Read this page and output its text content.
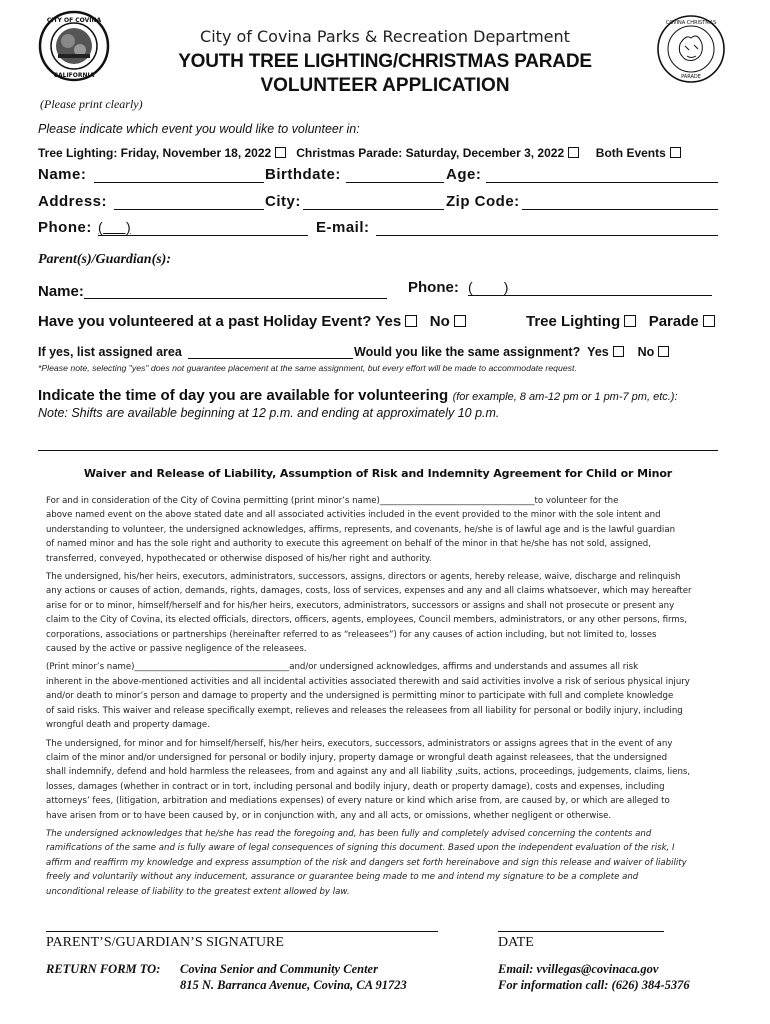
CITY OF COVINA
CALIFORNIA
COVINA CHRISTMAS
PARADE
City of Covina Parks & Recreation Department
YOUTH TREE LIGHTING/CHRISTMAS PARADE
VOLUNTEER APPLICATION
(Please print clearly)
Please indicate which event you would like to volunteer in:
Tree Lighting: Friday, November 18, 2022 Christmas Parade: Saturday, December 3, 2022	Both Events
Name:	Birthdate:	Age:
Address:	City:	Zip Code:
Phone: (      )	E-mail:
Parent(s)/Guardian(s):
Name:	Phone: (        )
Have you volunteered at a past Holiday Event? Yes No	Tree Lighting Parade
If yes, list assigned area	Would you like the same assignment? Yes No
*Please note, selecting "yes" does not guarantee placement at the same assignment, but every effort will be made to accommodate request.
Indicate the time of day you are available for volunteering (for example, 8 am-12 pm or 1 pm-7 pm, etc.):
Note: Shifts are available beginning at 12 p.m. and ending at approximately 10 p.m.
Waiver and Release of Liability, Assumption of Risk and Indemnity Agreement for Child or Minor

For and in consideration of the City of Covina permitting (print minor’s name)____________________________________to volunteer for the

above named event on the above stated date and all associated activities included in the event provided to the minor with the sole intent and

understanding to volunteer, the undersigned acknowledges, affirms, represents, and covenants, he/she is of lawful age and is the lawful guardian

of named minor and has the sole right and authority to execute this agreement on behalf of the minor in that he/she has not sold, assigned,

transferred, conveyed, hypothecated or otherwise disposed of his/her right and authority.

The undersigned, his/her heirs, executors, administrators, successors, assigns, directors or agents, hereby release, waive, discharge and relinquish

any actions or causes of action, demands, rights, damages, costs, loss of services, expenses and any and all claims whatsoever, which may hereafter

arise for or to minor, himself/herself and for his/her heirs, executors, administrators, successors or assigns and shall not prosecute or present any

claim to the City of Covina, its elected officials, directors, officers, agents, employees, Council members, administrators, or any other persons, firms,

corporations, associations or partnerships (hereinafter referred to as “releasees”) for any causes of action including, but not limited to, losses

caused by the active or passive negligence of the releasees.

(Print minor’s name)____________________________________and/or undersigned acknowledges, affirms and understands and assumes all risk

inherent in the above-mentioned activities and all incidental activities associated therewith and said activities involve a risk of serious physical injury

and/or death to minor’s person and damage to property and the undersigned is permitting minor to participate with full and complete knowledge

of said risks. This waiver and release specifically exempt, relieves and releases the releasees from all liability for personal or bodily injury, including

wrongful death and property damage.

The undersigned, for minor and for himself/herself, his/her heirs, executors, successors, administrators or assigns agrees that in the event of any

claim of the minor and/or undersigned for personal or bodily injury, property damage or wrongful death against releasees, that the undersigned

shall indemnify, defend and hold harmless the releasees, from and against any and all liability ,suits, actions, proceedings, judgements, claims, liens,

losses, damages (whether in contract or in tort, including personal and bodily injury, death or property damage), costs and expenses, including

attorneys’ fees, (litigation, arbitration and mediations expenses) of every nature or kind which arise from, are caused by, or which are alleged to

have arisen from or to have been caused by, or in conjunction with, any and all acts, or omissions, whether negligent or otherwise.

The undersigned acknowledges that he/she has read the foregoing and, has been fully and completely advised concerning the contents and

ramifications of the same and is fully aware of legal consequences of signing this document. Based upon the independent evaluation of the risk, I

affirm and reaffirm my knowledge and express assumption of the risk and dangers set forth hereinabove and sign this release and waiver of liability

freely and voluntarily without any inducement, assurance or guarantee being made to me and intend my signature to be a complete and

unconditional release of liability to the greatest extent allowed by law.

PARENT’S/GUARDIAN’S SIGNATURE	DATE
RETURN FORM TO: Covina Senior and Community Center
815 N. Barranca Avenue, Covina, CA 91723
Email: vvillegas@covinaca.gov
For information call: (626) 384-5376
